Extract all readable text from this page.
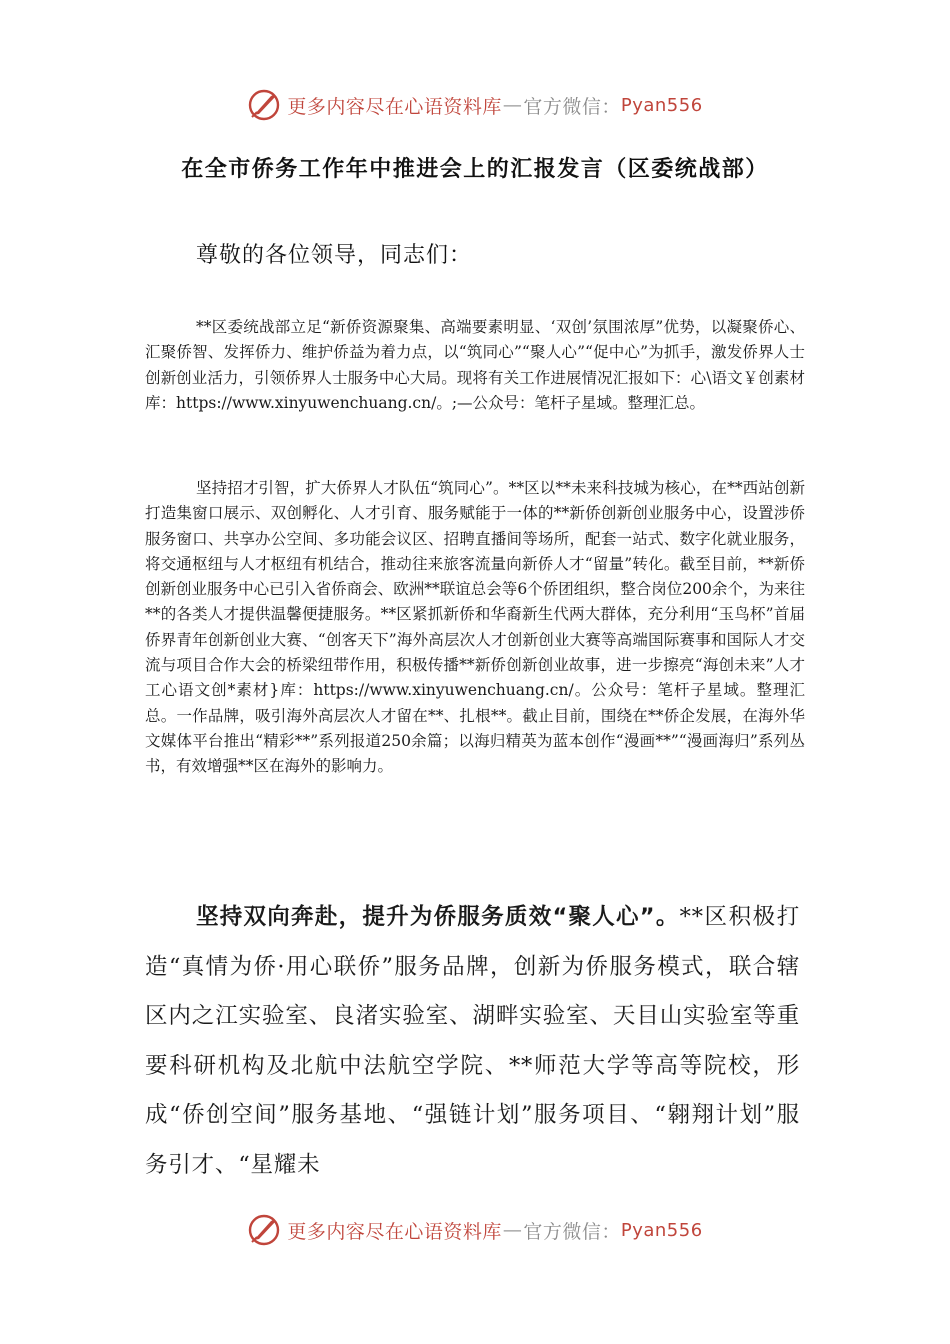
更多内容尽在心语资料库 — 官方微信： Pyan556
在全市侨务工作年中推进会上的汇报发言（区委统战部）
尊敬的各位领导，同志们：
**区委统战部立足“新侨资源聚集、高端要素明显、‘双创’氛围浓厚”优势，以凝聚侨心、汇聚侨智、发挥侨力、维护侨益为着力点，以“筑同心”“聚人心”“促中心”为抓手，激发侨界人士创新创业活力，引领侨界人士服务中心大局。现将有关工作进展情况汇报如下：心\语文￥创素材库：https://www.xinyuwenchuang.cn/。;—公众号：笔杆子星域。整理汇总。
坚持招才引智，扩大侨界人才队伍“筑同心”。**区以**未来科技城为核心，在**西站创新打造集窗口展示、双创孵化、人才引育、服务赋能于一体的**新侨创新创业服务中心，设置涉侨服务窗口、共享办公空间、多功能会议区、招聘直播间等场所，配套一站式、数字化就业服务，将交通枢纽与人才枢纽有机结合，推动往来旅客流量向新侨人才“留量”转化。截至目前，**新侨创新创业服务中心已引入省侨商会、欧洲**联谊总会等6个侨团组织，整合岗位200余个，为来往**的各类人才提供温馨便捷服务。**区紧抓新侨和华裔新生代两大群体，充分利用“玉鸟杯”首届侨界青年创新创业大赛、“创客天下”海外高层次人才创新创业大赛等高端国际赛事和国际人才交流与项目合作大会的桥梁纽带作用，积极传播**新侨创新创业故事，进一步擦亮“海创未来”人才工心语文创*素材}库：https://www.xinyuwenchuang.cn/。公众号：笔杆子星域。整理汇总。一作品牌，吸引海外高层次人才留在**、扎根**。截止目前，围绕在**侨企发展，在海外华文媒体平台推出“精彩**”系列报道250余篇；以海归精英为蓝本创作“漫画**”“漫画海归”系列丛书，有效增强**区在海外的影响力。
坚持双向奔赴，提升为侨服务质效“聚人心”。**区积极打造“真情为侨·用心联侨”服务品牌，创新为侨服务模式，联合辖区内之江实验室、良渚实验室、湖畔实验室、天目山实验室等重要科研机构及北航中法航空学院、**师范大学等高等院校，形成“侨创空间”服务基地、“强链计划”服务项目、“翱翔计划”服务引才、“星耀未
更多内容尽在心语资料库 — 官方微信： Pyan556
